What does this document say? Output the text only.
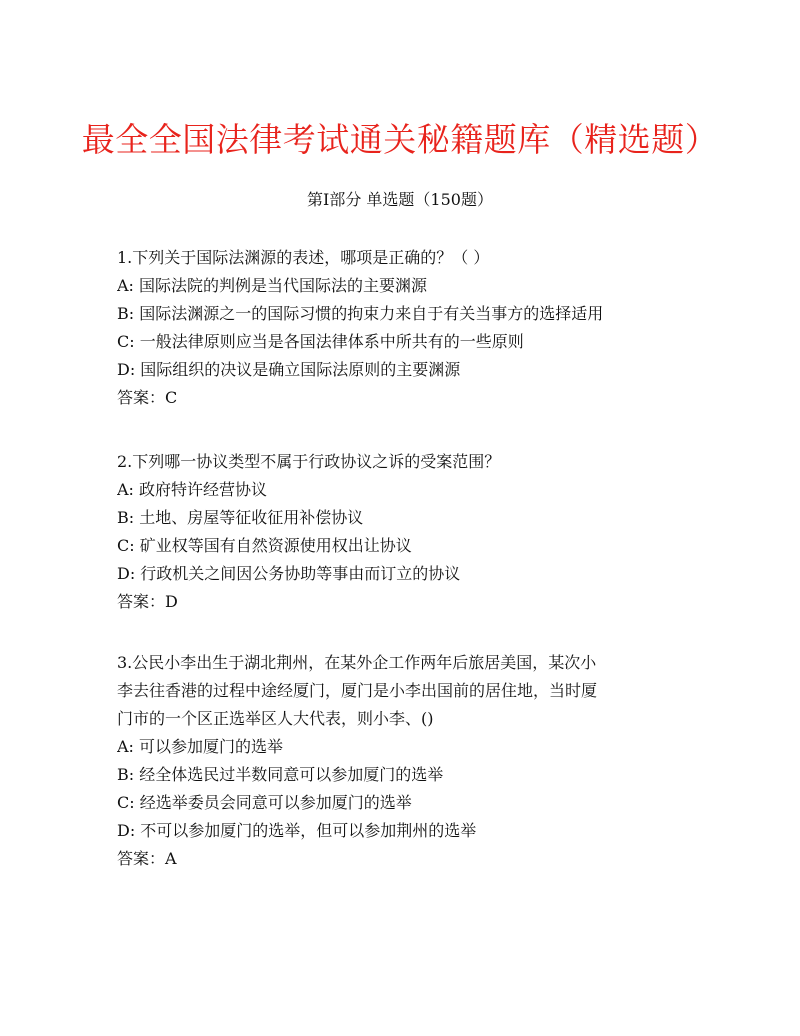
最全全国法律考试通关秘籍题库（精选题）
第I部分 单选题（150题）
1.下列关于国际法渊源的表述，哪项是正确的？（ ）
A: 国际法院的判例是当代国际法的主要渊源
B: 国际法渊源之一的国际习惯的拘束力来自于有关当事方的选择适用
C: 一般法律原则应当是各国法律体系中所共有的一些原则
D: 国际组织的决议是确立国际法原则的主要渊源
答案：C
2.下列哪一协议类型不属于行政协议之诉的受案范围？
A: 政府特许经营协议
B: 土地、房屋等征收征用补偿协议
C: 矿业权等国有自然资源使用权出让协议
D: 行政机关之间因公务协助等事由而订立的协议
答案：D
3.公民小李出生于湖北荆州，在某外企工作两年后旅居美国，某次小
李去往香港的过程中途经厦门，厦门是小李出国前的居住地，当时厦
门市的一个区正选举区人大代表，则小李、()
A: 可以参加厦门的选举
B: 经全体选民过半数同意可以参加厦门的选举
C: 经选举委员会同意可以参加厦门的选举
D: 不可以参加厦门的选举，但可以参加荆州的选举
答案：A
